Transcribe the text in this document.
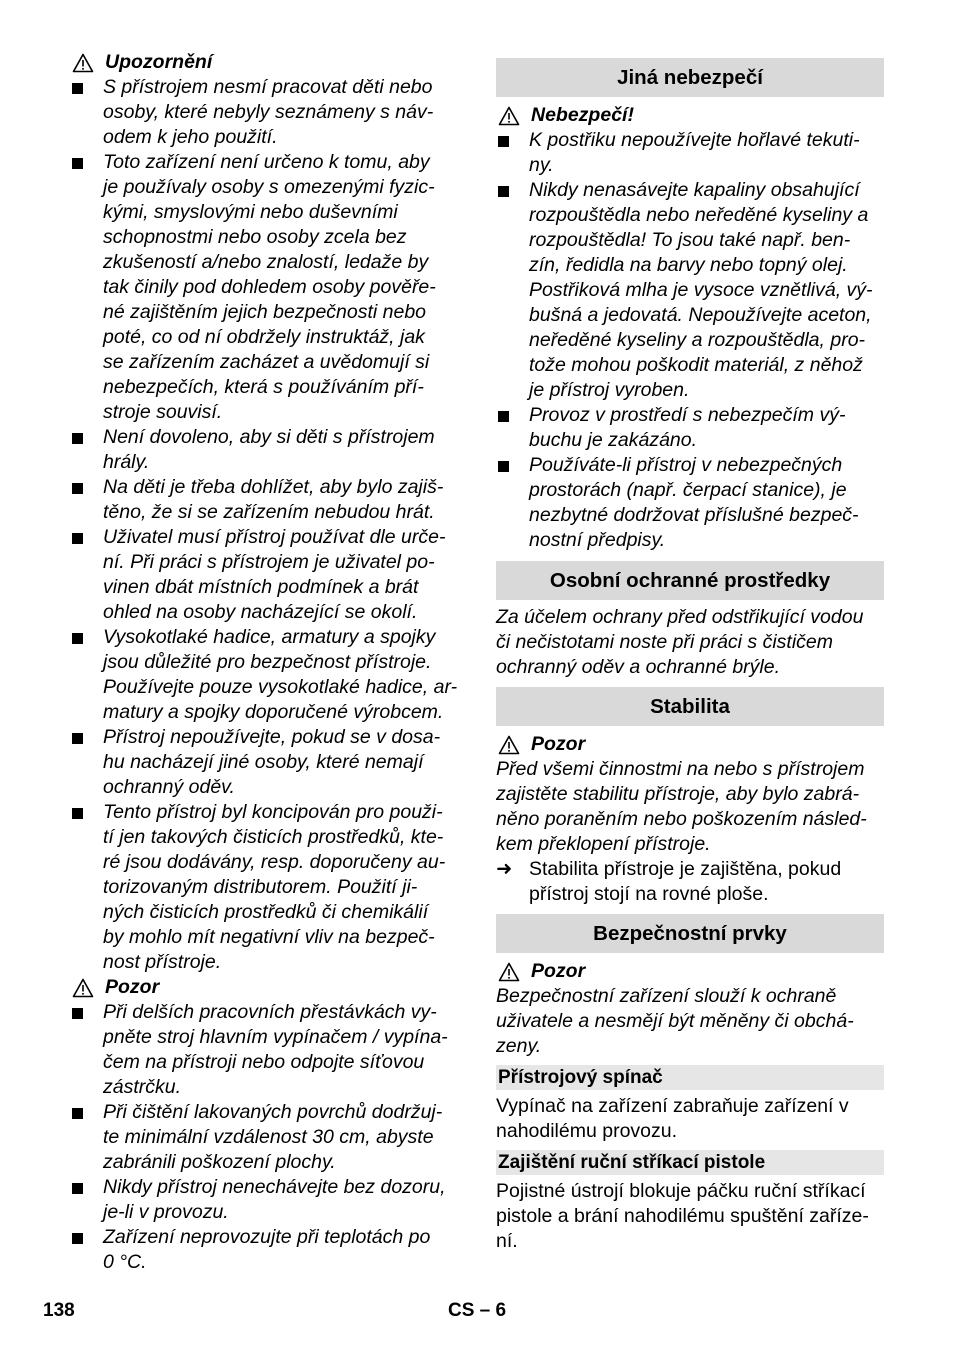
Upozornění
S přístrojem nesmí pracovat děti nebo
osoby, které nebyly seznámeny s náv-
odem k jeho použití.
Toto zařízení není určeno k tomu, aby
je používaly osoby s omezenými fyzic-
kými, smyslovými nebo duševními
schopnostmi nebo osoby zcela bez
zkušeností a/nebo znalostí, ledaže by
tak činily pod dohledem osoby pověře-
né zajištěním jejich bezpečnosti nebo
poté, co od ní obdržely instruktáž, jak
se zařízením zacházet a uvědomují si
nebezpečích, která s používáním pří-
stroje souvisí.
Není dovoleno, aby si děti s přístrojem
hrály.
Na děti je třeba dohlížet, aby bylo zajiš-
těno, že si se zařízením nebudou hrát.
Uživatel musí přístroj používat dle urče-
ní. Při práci s přístrojem je uživatel po-
vinen dbát místních podmínek a brát
ohled na osoby nacházející se okolí.
Vysokotlaké hadice, armatury a spojky
jsou důležité pro bezpečnost přístroje.
Používejte pouze vysokotlaké hadice, ar-
matury a spojky doporučené výrobcem.
Přístroj nepoužívejte, pokud se v dosa-
hu nacházejí jiné osoby, které nemají
ochranný oděv.
Tento přístroj byl koncipován pro použi-
tí jen takových čisticích prostředků, kte-
ré jsou dodávány, resp. doporučeny au-
torizovaným distributorem. Použití ji-
ných čisticích prostředků či chemikálií
by mohlo mít negativní vliv na bezpeč-
nost přístroje.
Pozor
Při delších pracovních přestávkách vy-
pněte stroj hlavním vypínačem / vypína-
čem na přístroji nebo odpojte síťovou
zástrčku.
Při čištění lakovaných povrchů dodržuj-
te minimální vzdálenost 30 cm, abyste
zabránili poškození plochy.
Nikdy přístroj nenechávejte bez dozoru,
je-li v provozu.
Zařízení neprovozujte při teplotách po
0 °C.
Jiná nebezpečí
Nebezpečí!
K postřiku nepoužívejte hořlavé tekuti-
ny.
Nikdy nenasávejte kapaliny obsahující
rozpouštědla nebo neředěné kyseliny a
rozpouštědla! To jsou také např. ben-
zín, ředidla na barvy nebo topný olej.
Postřiková mlha je vysoce vznětlivá, vý-
bušná a jedovatá. Nepoužívejte aceton,
neředěné kyseliny a rozpouštědla, pro-
tože mohou poškodit materiál, z něhož
je přístroj vyroben.
Provoz v prostředí s nebezpečím vý-
buchu je zakázáno.
Používáte-li přístroj v nebezpečných
prostorách (např. čerpací stanice), je
nezbytné dodržovat příslušné bezpeč-
nostní předpisy.
Osobní ochranné prostředky
Za účelem ochrany před odstřikující vodou
či nečistotami noste při práci s čističem
ochranný oděv a ochranné brýle.
Stabilita
Pozor
Před všemi činnostmi na nebo s přístrojem
zajistěte stabilitu přístroje, aby bylo zabrá-
něno poraněním nebo poškozením násled-
kem překlopení přístroje.
➜ Stabilita přístroje je zajištěna, pokud
přístroj stojí na rovné ploše.
Bezpečnostní prvky
Pozor
Bezpečnostní zařízení slouží k ochraně
uživatele a nesmějí být měněny či obchá-
zeny.
Přístrojový spínač
Vypínač na zařízení zabraňuje zařízení v
nahodilému provozu.
Zajištění ruční stříkací pistole
Pojistné ústrojí blokuje páčku ruční stříkací
pistole a brání nahodilému spuštění zaříze-
ní.
138	CS – 6
